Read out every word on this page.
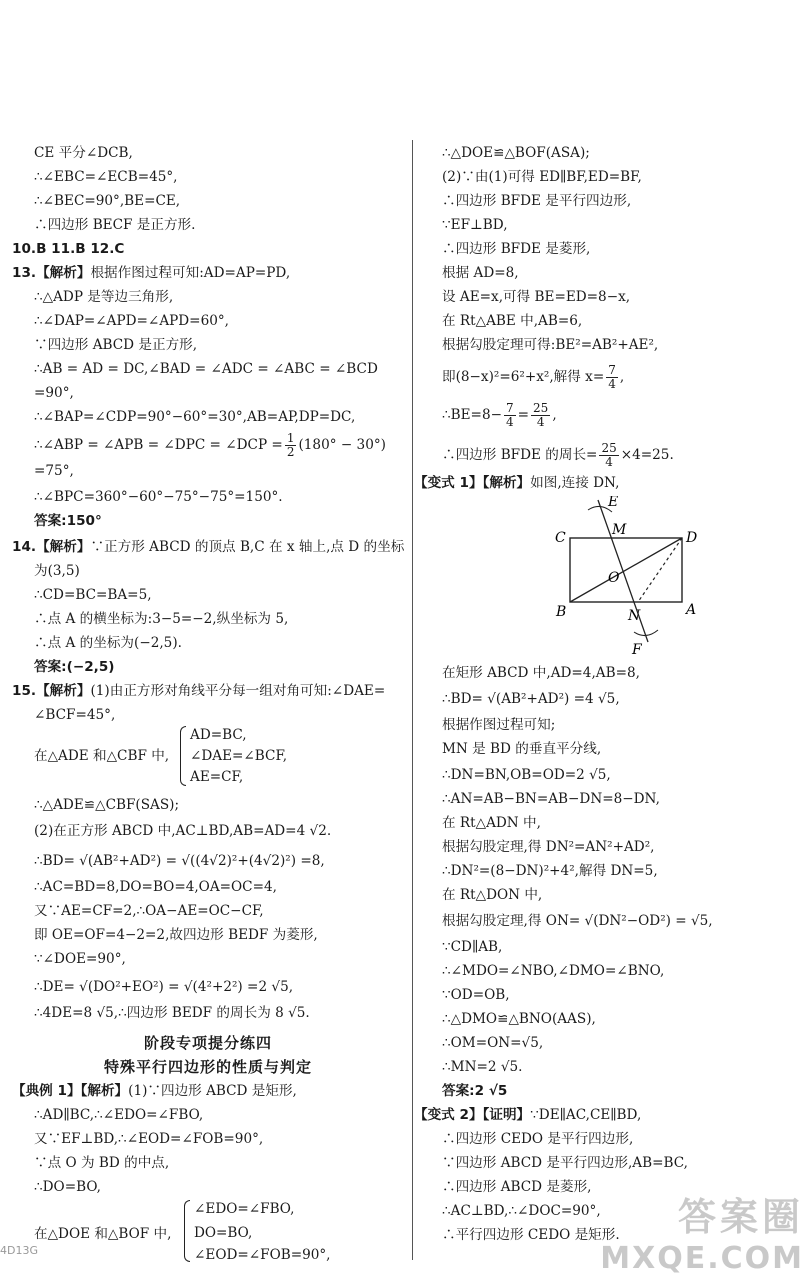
CE 平分∠DCB,
∴∠EBC=∠ECB=45°,
∴∠BEC=90°,BE=CE,
∴四边形 BECF 是正方形.
10.B 11.B 12.C
13.【解析】根据作图过程可知:AD=AP=PD,
∴△ADP 是等边三角形,
∴∠DAP=∠APD=∠APD=60°,
∵四边形 ABCD 是正方形,
∴AB = AD = DC,∠BAD = ∠ADC = ∠ABC = ∠BCD
=90°,
∴∠BAP=∠CDP=90°−60°=30°,AB=AP,DP=DC,
∴∠ABP = ∠APB = ∠DPC = ∠DCP = $\frac{1}{2} (180^\circ - 30^\circ)$
=75°,
∴∠BPC=360°−60°−75°−75°=150°.
答案:150°
14.【解析】∵正方形 ABCD 的顶点 B,C 在 x 轴上,点 D 的坐标
为(3,5)
∴CD=BC=BA=5,
∴点 A 的横坐标为:3−5=−2,纵坐标为 5,
∴点 A 的坐标为(−2,5).
答案:(−2,5)
15.【解析】(1)由正方形对角线平分每一组对角可知:∠DAE=
∠BCF=45°,
在△ADE 和△CBF 中,
AD=BC,
∠DAE=∠BCF,
AE=CF,
∴△ADE≌△CBF(SAS);
(2)在正方形 ABCD 中,AC⊥BD,AB=AD=4 √2.
∴BD= √(AB²+AD²) = √((4√2)²+(4√2)²) =8,
∴AC=BD=8,DO=BO=4,OA=OC=4,
又∵AE=CF=2,∴OA−AE=OC−CF,
即 OE=OF=4−2=2,故四边形 BEDF 为菱形,
∵∠DOE=90°,
∴DE= √(DO²+EO²) = √(4²+2²) =2 √5,
∴4DE=8 √5,∴四边形 BEDF 的周长为 8 √5.
阶段专项提分练四
特殊平行四边形的性质与判定
【典例 1】【解析】(1)∵四边形 ABCD 是矩形,
∴AD∥BC,∴∠EDO=∠FBO,
又∵EF⊥BD,∴∠EOD=∠FOB=90°,
∵点 O 为 BD 的中点,
∴DO=BO,
在△DOE 和△BOF 中,
∠EDO=∠FBO,
DO=BO,
∠EOD=∠FOB=90°,
∴△DOE≌△BOF(ASA);
(2)∵由(1)可得 ED∥BF,ED=BF,
∴四边形 BFDE 是平行四边形,
∵EF⊥BD,
∴四边形 BFDE 是菱形,
根据 AD=8,
设 AE=x,可得 BE=ED=8−x,
在 Rt△ABE 中,AB=6,
根据勾股定理可得:BE²=AB²+AE²,
即(8−x)²=6²+x²,解得 $x= \frac{7}{4}$ ,
∴BE=8− $\frac{7}{4} = \frac{25}{4}$ ,
∴四边形 BFDE 的周长= $\frac{25}{4} \times 4=25$.
【变式 1】【解析】如图,连接 DN,
C	M	D
E
O
B	N	A
F
在矩形 ABCD 中,AD=4,AB=8,
∴BD= √(AB²+AD²) =4 √5,
根据作图过程可知;
MN 是 BD 的垂直平分线,
∴DN=BN,OB=OD=2 √5,
∴AN=AB−BN=AB−DN=8−DN,
在 Rt△ADN 中,
根据勾股定理,得 DN²=AN²+AD²,
∴DN²=(8−DN)²+4²,解得 DN=5,
在 Rt△DON 中,
根据勾股定理,得 ON= √(DN²−OD²) = √5,
∵CD∥AB,
∴∠MDO=∠NBO,∠DMO=∠BNO,
∵OD=OB,
∴△DMO≌△BNO(AAS),
∴OM=ON=√5,
∴MN=2 √5.
答案:2 √5
【变式 2】【证明】∵DE∥AC,CE∥BD,
∴四边形 CEDO 是平行四边形,
∵四边形 ABCD 是平行四边形,AB=BC,
∴四边形 ABCD 是菱形,
∴AC⊥BD,∴∠DOC=90°,
∴平行四边形 CEDO 是矩形.
4D13G
答案圈
MXQE.COM
